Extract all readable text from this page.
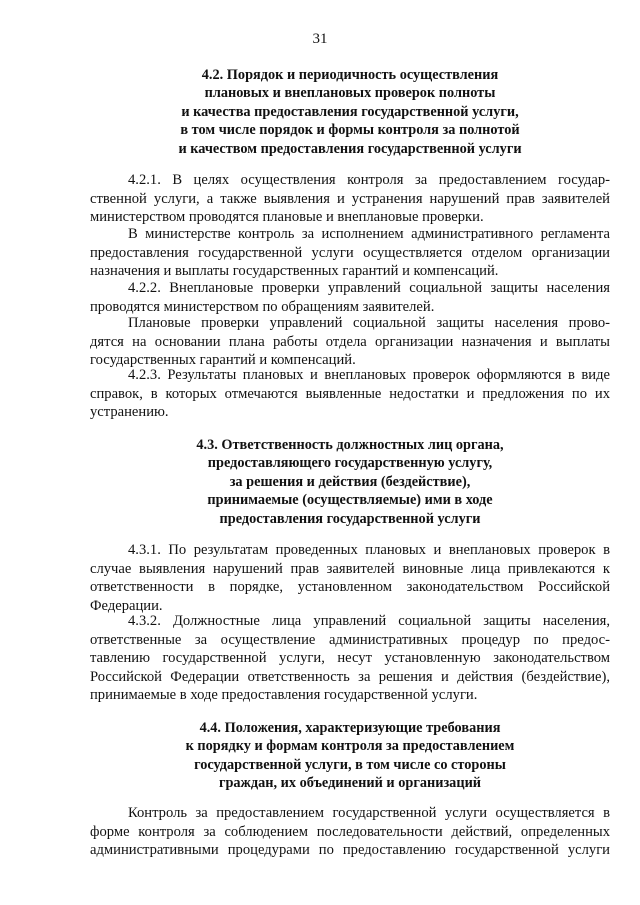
31
4.2. Порядок и периодичность осуществления
плановых и внеплановых проверок полноты
и качества предоставления государственной услуги,
в том числе порядок и формы контроля за полнотой
и качеством предоставления государственной услуги
4.2.1. В целях осуществления контроля за предоставлением государ-
ственной услуги, а также выявления и устранения нарушений прав заявителей
министерством проводятся плановые и внеплановые проверки.
В министерстве контроль за исполнением административного регламента
предоставления государственной услуги осуществляется отделом организации
назначения и выплаты государственных гарантий и компенсаций.
4.2.2. Внеплановые проверки управлений социальной защиты населения
проводятся министерством по обращениям заявителей.
Плановые проверки управлений социальной защиты населения прово-
дятся на основании плана работы отдела организации назначения и выплаты
государственных гарантий и компенсаций.
4.2.3. Результаты плановых и внеплановых проверок оформляются в виде
справок, в которых отмечаются выявленные недостатки и предложения по их
устранению.
4.3. Ответственность должностных лиц органа,
предоставляющего государственную услугу,
за решения и действия (бездействие),
принимаемые (осуществляемые) ими в ходе
предоставления государственной услуги
4.3.1. По результатам проведенных плановых и внеплановых проверок в
случае выявления нарушений прав заявителей виновные лица привлекаются к
ответственности в порядке, установленном законодательством Российской
Федерации.
4.3.2. Должностные лица управлений социальной защиты населения,
ответственные за осуществление административных процедур по предос-
тавлению государственной услуги, несут установленную законодательством
Российской Федерации ответственность за решения и действия (бездействие),
принимаемые в ходе предоставления государственной услуги.
4.4. Положения, характеризующие требования
к порядку и формам контроля за предоставлением
государственной услуги, в том числе со стороны
граждан, их объединений и организаций
Контроль за предоставлением государственной услуги осуществляется в
форме контроля за соблюдением последовательности действий, определенных
административными процедурами по предоставлению государственной услуги
